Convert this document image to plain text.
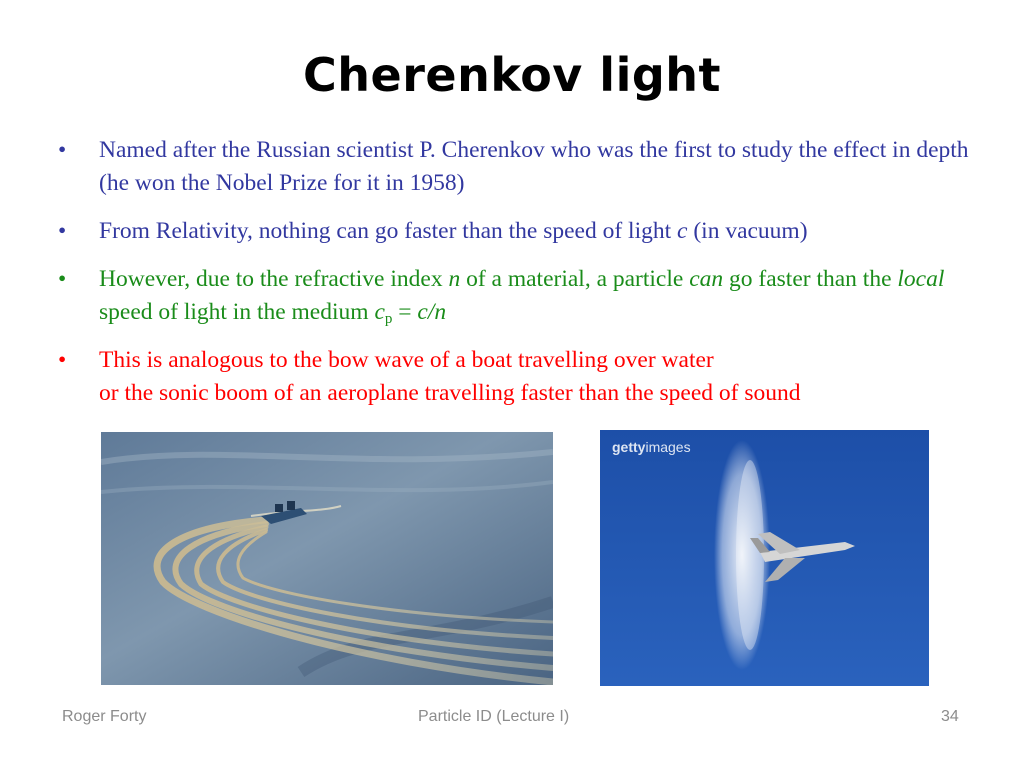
Cherenkov light
• Named after the Russian scientist P. Cherenkov who was the first to study the effect in depth (he won the Nobel Prize for it in 1958)
• From Relativity, nothing can go faster than the speed of light c (in vacuum)
• However, due to the refractive index n of a material, a particle can go faster than the local speed of light in the medium $c_p = c/n$
• This is analogous to the bow wave of a boat travelling over water
or the sonic boom of an aeroplane travelling faster than the speed of sound
gettyimages
Roger Forty	Particle ID (Lecture I)	34
